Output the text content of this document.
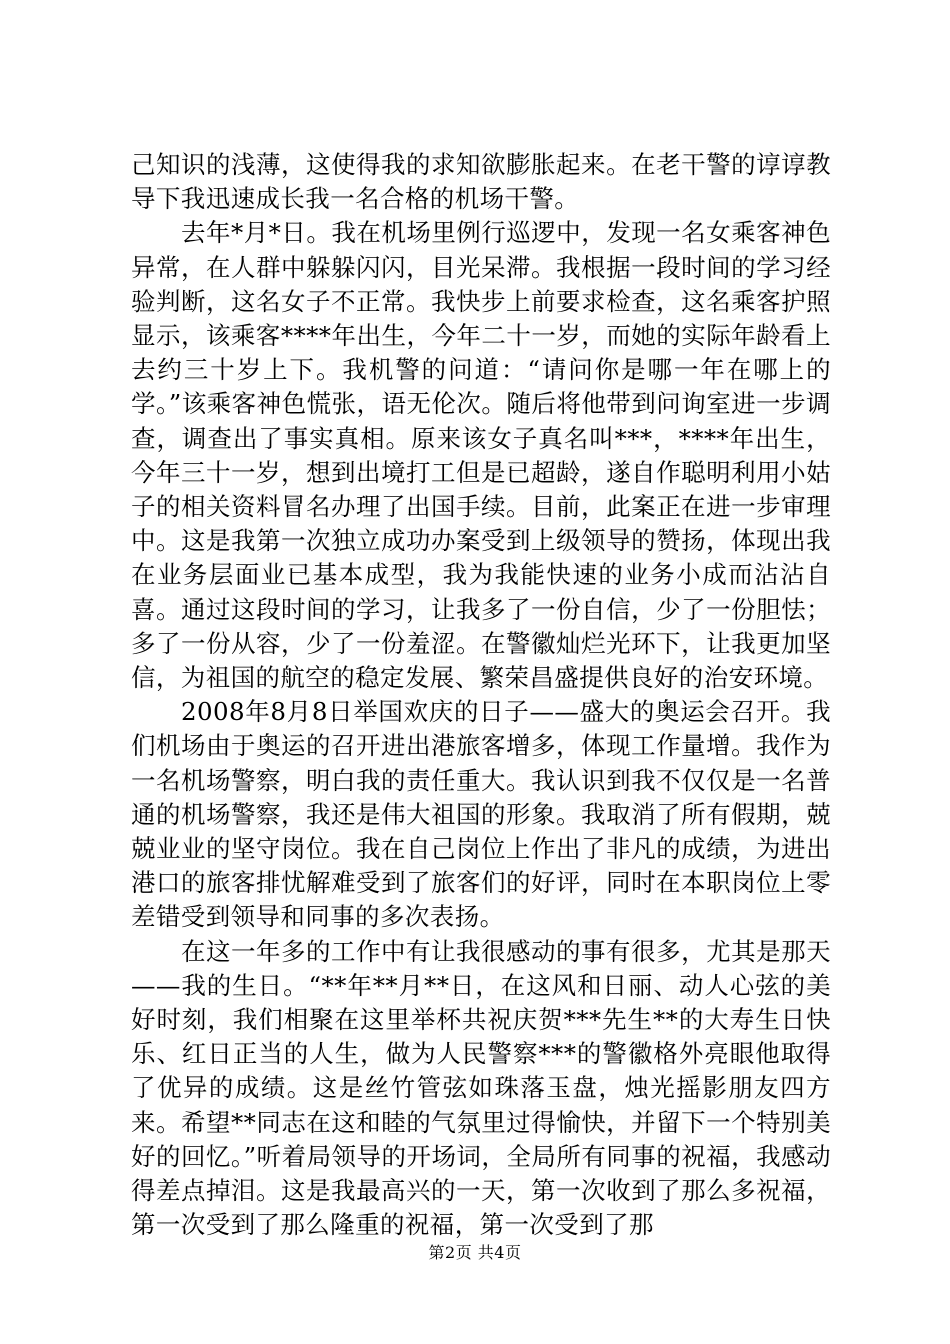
己知识的浅薄，这使得我的求知欲膨胀起来。在老干警的谆谆教导下我迅速成长我一名合格的机场干警。

去年*月*日。我在机场里例行巡逻中，发现一名女乘客神色异常，在人群中躲躲闪闪，目光呆滞。我根据一段时间的学习经验判断，这名女子不正常。我快步上前要求检查，这名乘客护照显示，该乘客****年出生，今年二十一岁，而她的实际年龄看上去约三十岁上下。我机警的问道：“请问你是哪一年在哪上的学。”该乘客神色慌张，语无伦次。随后将他带到问询室进一步调查，调查出了事实真相。原来该女子真名叫***，****年出生，今年三十一岁，想到出境打工但是已超龄，遂自作聪明利用小姑子的相关资料冒名办理了出国手续。目前，此案正在进一步审理中。这是我第一次独立成功办案受到上级领导的赞扬，体现出我在业务层面业已基本成型，我为我能快速的业务小成而沾沾自喜。通过这段时间的学习，让我多了一份自信，少了一份胆怯；多了一份从容，少了一份羞涩。在警徽灿烂光环下，让我更加坚信，为祖国的航空的稳定发展、繁荣昌盛提供良好的治安环境。

2008年8月8日举国欢庆的日子——盛大的奥运会召开。我们机场由于奥运的召开进出港旅客增多，体现工作量增。我作为一名机场警察，明白我的责任重大。我认识到我不仅仅是一名普通的机场警察，我还是伟大祖国的形象。我取消了所有假期，兢兢业业的坚守岗位。我在自己岗位上作出了非凡的成绩，为进出港口的旅客排忧解难受到了旅客们的好评，同时在本职岗位上零差错受到领导和同事的多次表扬。

在这一年多的工作中有让我很感动的事有很多，尤其是那天——我的生日。“**年**月**日，在这风和日丽、动人心弦的美好时刻，我们相聚在这里举杯共祝庆贺***先生**的大寿生日快乐、红日正当的人生，做为人民警察***的警徽格外亮眼他取得了优异的成绩。这是丝竹管弦如珠落玉盘，烛光摇影朋友四方来。希望**同志在这和睦的气氛里过得愉快，并留下一个特别美好的回忆。”听着局领导的开场词，全局所有同事的祝福，我感动得差点掉泪。这是我最高兴的一天，第一次收到了那么多祝福，第一次受到了那么隆重的祝福，第一次受到了那

第2页 共4页
